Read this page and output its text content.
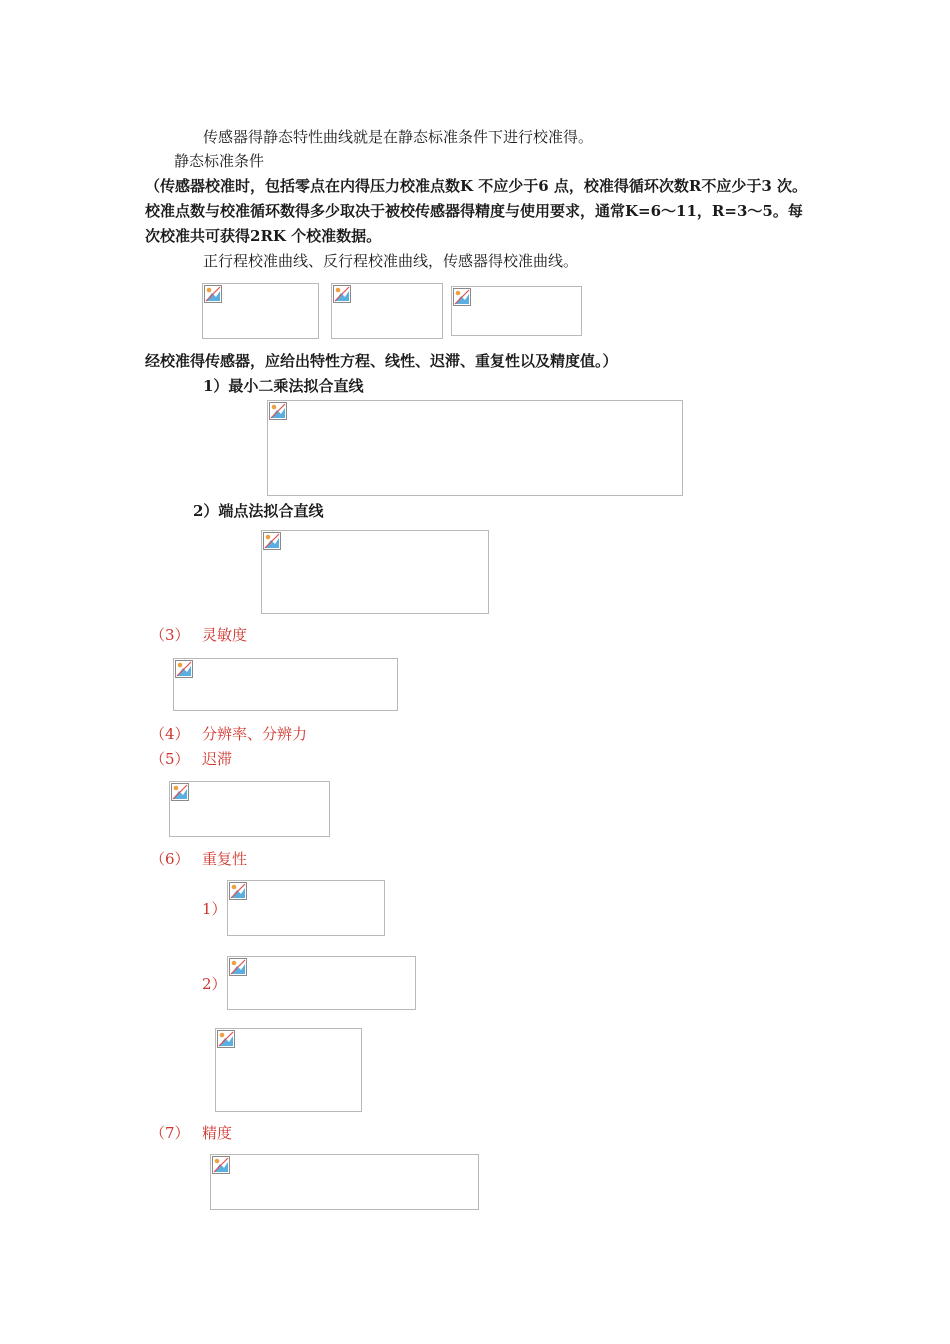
传感器得静态特性曲线就是在静态标准条件下进行校准得。
静态标准条件
（传感器校准时，包括零点在内得压力校准点数K 不应少于6 点，校准得循环次数R不应少于3 次。校准点数与校准循环数得多少取决于被校传感器得精度与使用要求，通常K=6～11，R=3～5。每次校准共可获得2RK 个校准数据。
正行程校准曲线、反行程校准曲线，传感器得校准曲线。
经校准得传感器，应给出特性方程、线性、迟滞、重复性以及精度值。）
1）最小二乘法拟合直线
2）端点法拟合直线
（3） 灵敏度
（4） 分辨率、分辨力
（5） 迟滞
（6） 重复性
1）
2）
（7） 精度
